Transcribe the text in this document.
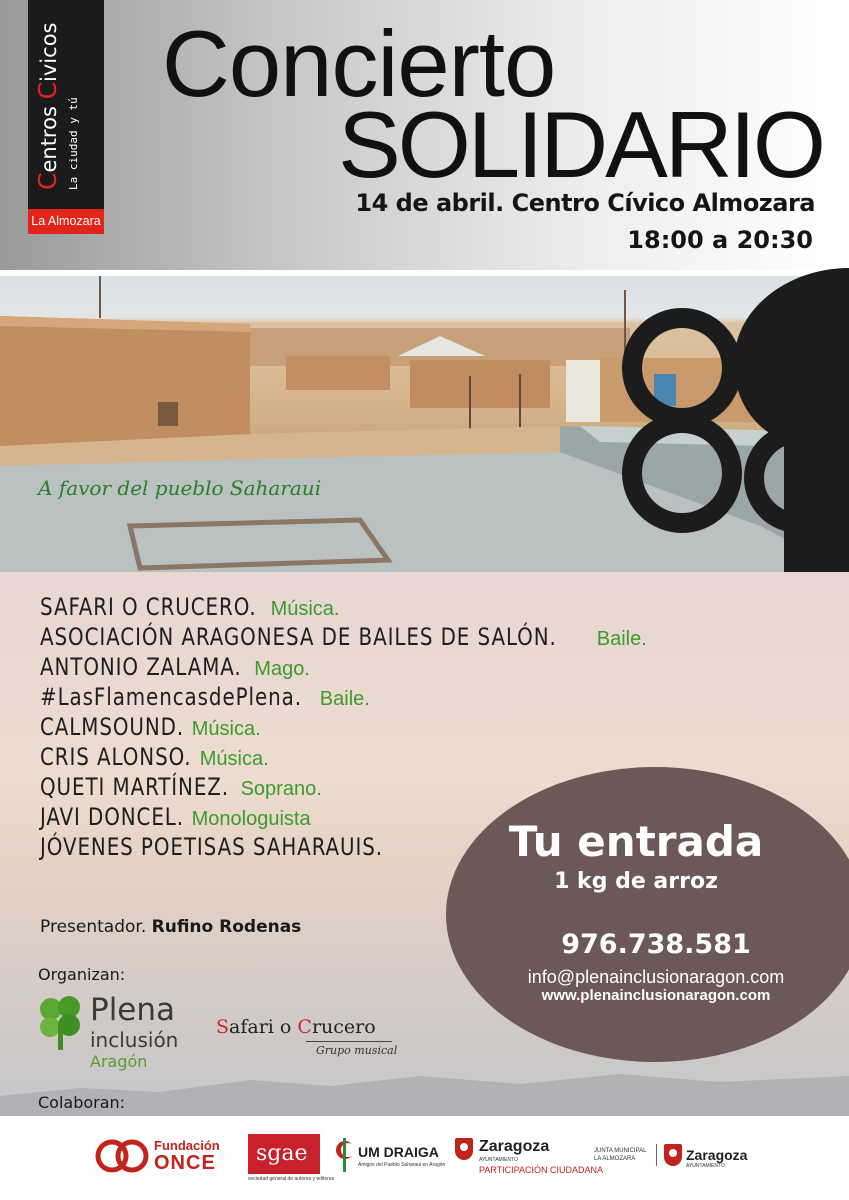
Centros Civicos
La ciudad y tú
La Almozara
Concierto
SOLIDARIO
14 de abril. Centro Cívico Almozara
18:00 a 20:30
A favor del pueblo Saharaui
SAFARI O CRUCERO. Música.
ASOCIACIÓN ARAGONESA DE BAILES DE SALÓN. Baile.
ANTONIO ZALAMA. Mago.
#LasFlamencasdePlena. Baile.
CALMSOUND. Música.
CRIS ALONSO. Música.
QUETI MARTÍNEZ. Soprano.
JAVI DONCEL. Monologuista
JÓVENES POETISAS SAHARAUIS.
Presentador. Rufino Rodenas
Organizan:
Plena
inclusión
Aragón
Safari o Crucero
Grupo musical
Colaboran:
Tu entrada
1 kg de arroz
976.738.581
info@plenainclusionaragon.com
www.plenainclusionaragon.com
Fundación
ONCE	sgae
sociedad general de autores y editores
UM DRAIGA
Amigos del Pueblo Saharaui en Aragón
Zaragoza
AYUNTAMIENTO
PARTICIPACIÓN CIUDADANA
JUNTA MUNICIPAL
LA ALMOZARA	Zaragoza
AYUNTAMIENTO
